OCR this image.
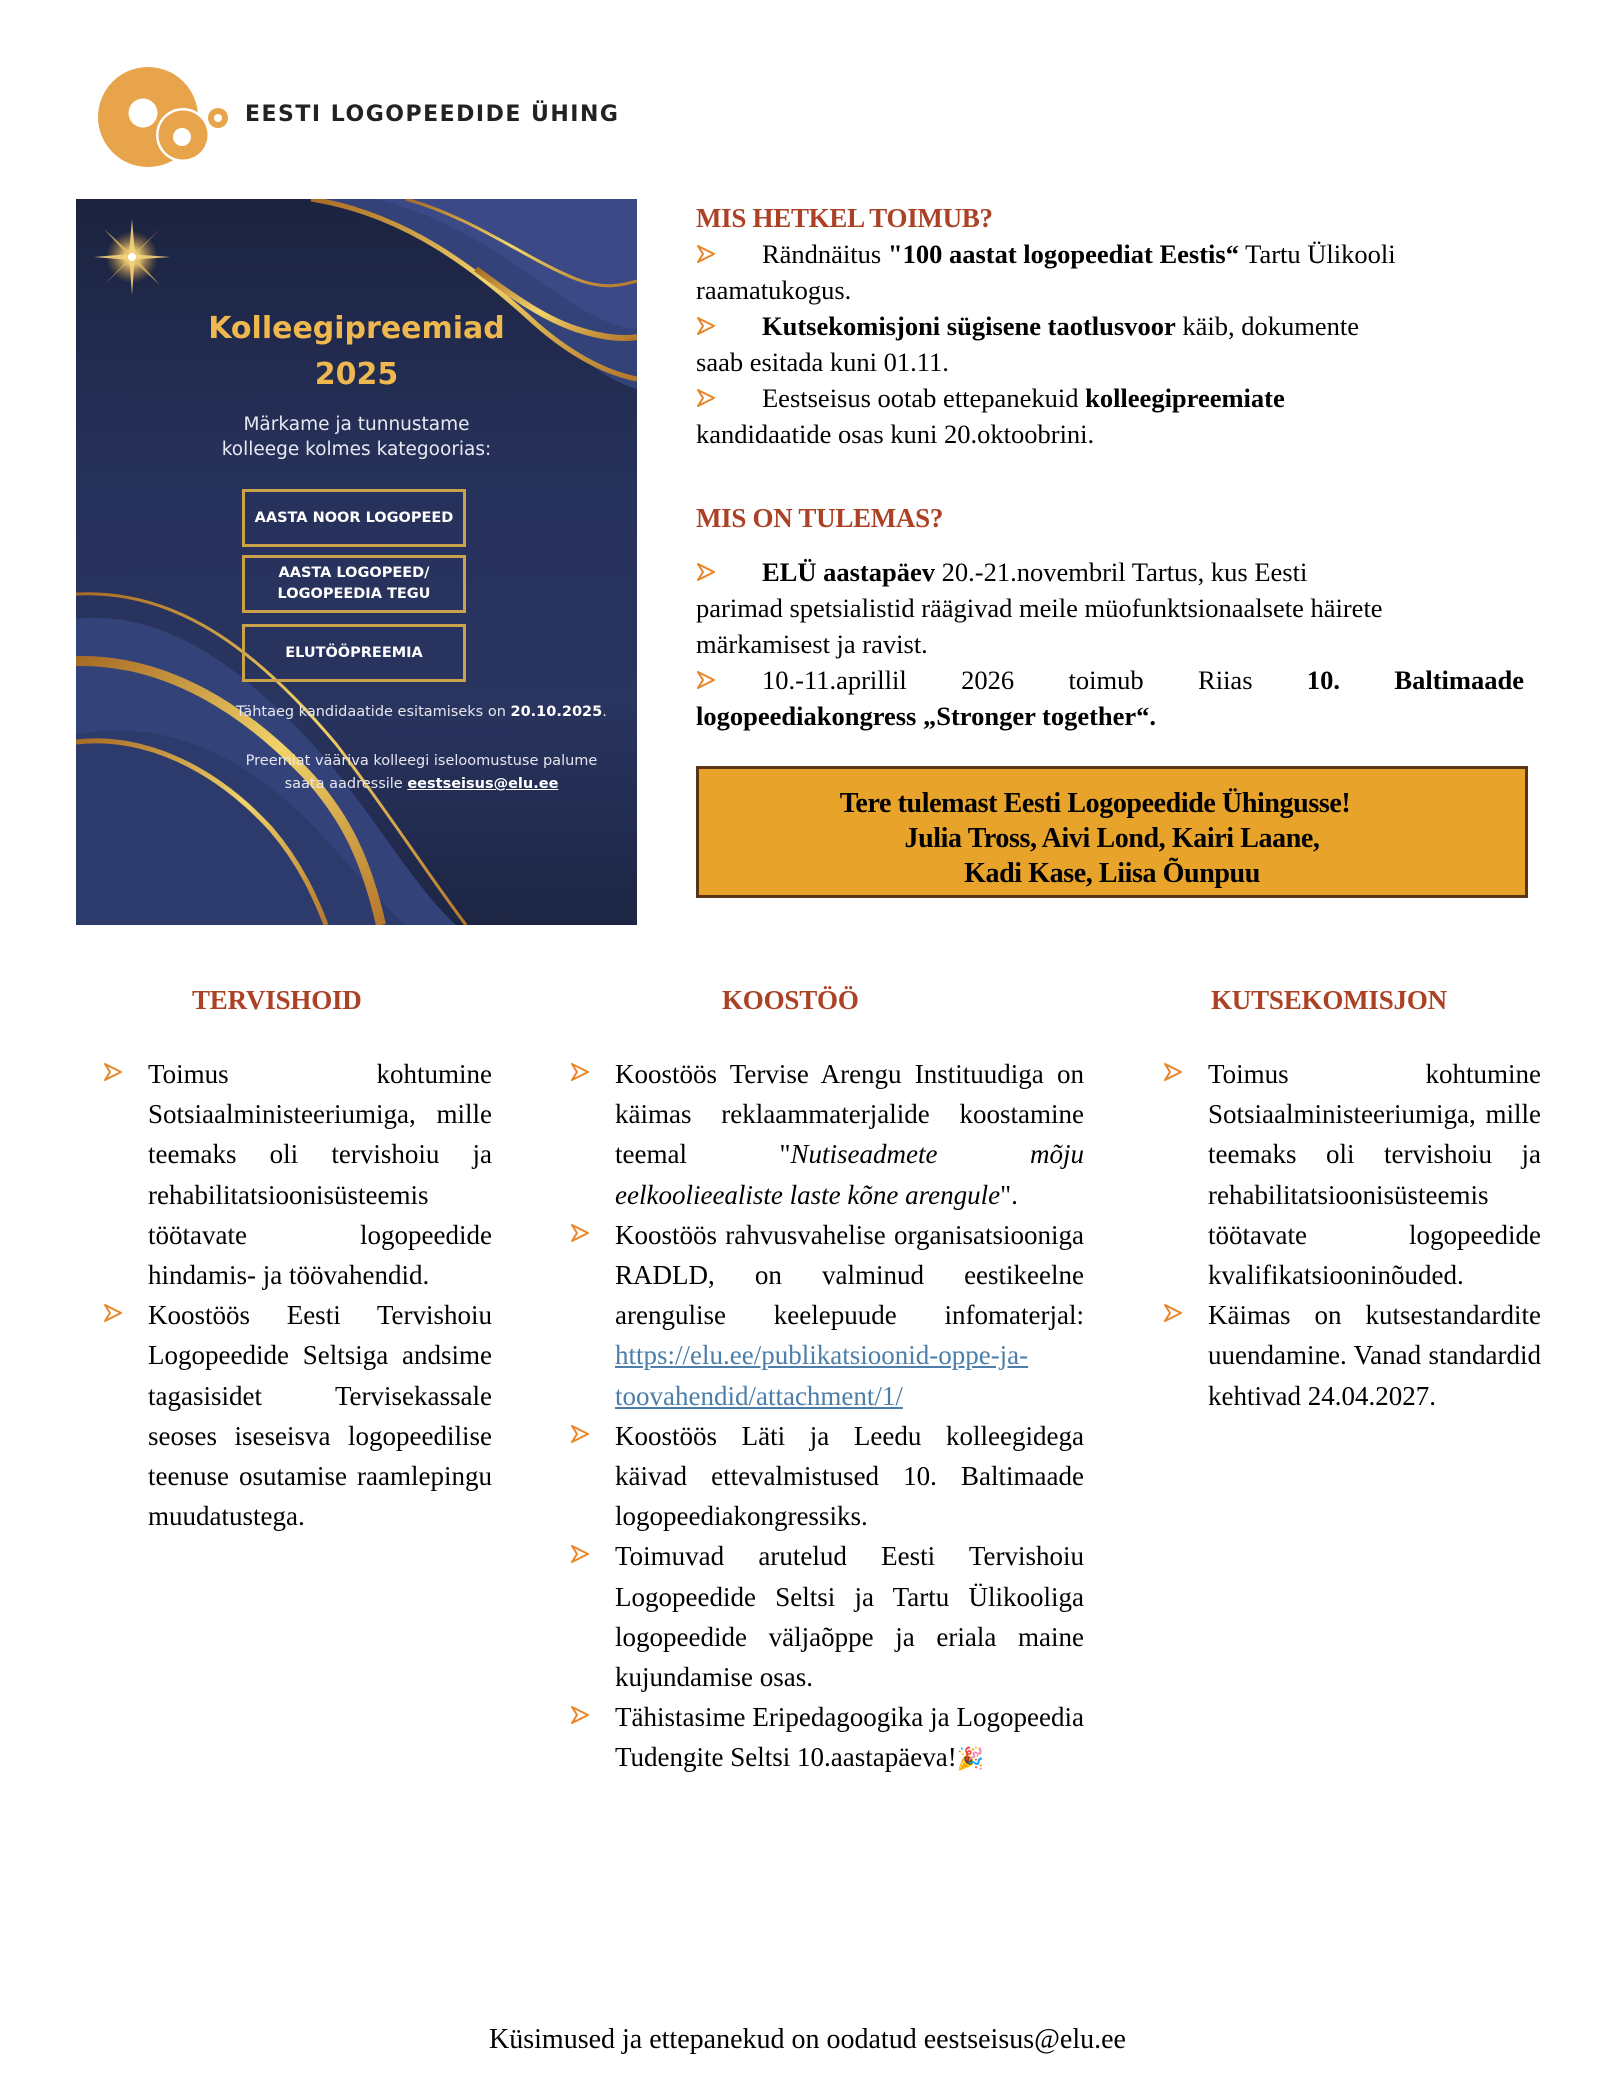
EESTI LOGOPEEDIDE ÜHING
Kolleegipreemiad
2025
Märkame ja tunnustame
kolleege kolmes kategoorias:
AASTA NOOR LOGOPEED
AASTA LOGOPEED/
LOGOPEEDIA TEGU
ELUTÖÖPREEMIA
Tähtaeg kandidaatide esitamiseks on 20.10.2025.
Preemiat vääriva kolleegi iseloomustuse palume
saata aadressile eestseisus@elu.ee
MIS HETKEL TOIMUB?
Rändnäitus "100 aastat logopeediat Eestis“ Tartu Ülikooli
raamatukogus.
Kutsekomisjoni sügisene taotlusvoor käib, dokumente
saab esitada kuni 01.11.
Eestseisus ootab ettepanekuid kolleegipreemiate
kandidaatide osas kuni 20.oktoobrini.
MIS ON TULEMAS?
ELÜ aastapäev 20.-21.novembril Tartus, kus Eesti
parimad spetsialistid räägivad meile müofunktsionaalsete häirete
märkamisest ja ravist.
10.-11.aprillil 2026 toimub Riias 10. Baltimaade
logopeediakongress „Stronger together“.
Tere tulemast Eesti Logopeedide Ühingusse!
Julia Tross, Aivi Lond, Kairi Laane,
Kadi Kase, Liisa Õunpuu
TERVISHOID	KOOSTÖÖ	KUTSEKOMISJON
Toimus kohtumine Sotsiaalministeeriumiga, mille teemaks oli tervishoiu ja rehabilitatsioonisüsteemis töötavate logopeedide hindamis- ja töövahendid.
Koostöös Eesti Tervishoiu Logopeedide Seltsiga andsime tagasisidet Tervisekassale seoses iseseisva logopeedilise teenuse osutamise raamlepingu muudatustega.
Koostöös Tervise Arengu Instituudiga on käimas reklaammaterjalide koostamine teemal "Nutiseadmete mõju eelkoolieealiste laste kõne arengule".
Koostöös rahvusvahelise organisatsiooniga RADLD, on valminud eestikeelne arengulise keelepuude infomaterjal: https://elu.ee/publikatsioonid-oppe-ja-toovahendid/attachment/1/
Koostöös Läti ja Leedu kolleegidega käivad ettevalmistused 10. Baltimaade logopeediakongressiks.
Toimuvad arutelud Eesti Tervishoiu Logopeedide Seltsi ja Tartu Ülikooliga logopeedide väljaõppe ja eriala maine kujundamise osas.
Tähistasime Eripedagoogika ja Logopeedia Tudengite Seltsi 10.aastapäeva!🎉
Toimus kohtumine Sotsiaalministeeriumiga, mille teemaks oli tervishoiu ja rehabilitatsioonisüsteemis töötavate logopeedide kvalifikatsiooninõuded.
Käimas on kutsestandardite uuendamine. Vanad standardid kehtivad 24.04.2027.
Küsimused ja ettepanekud on oodatud eestseisus@elu.ee
